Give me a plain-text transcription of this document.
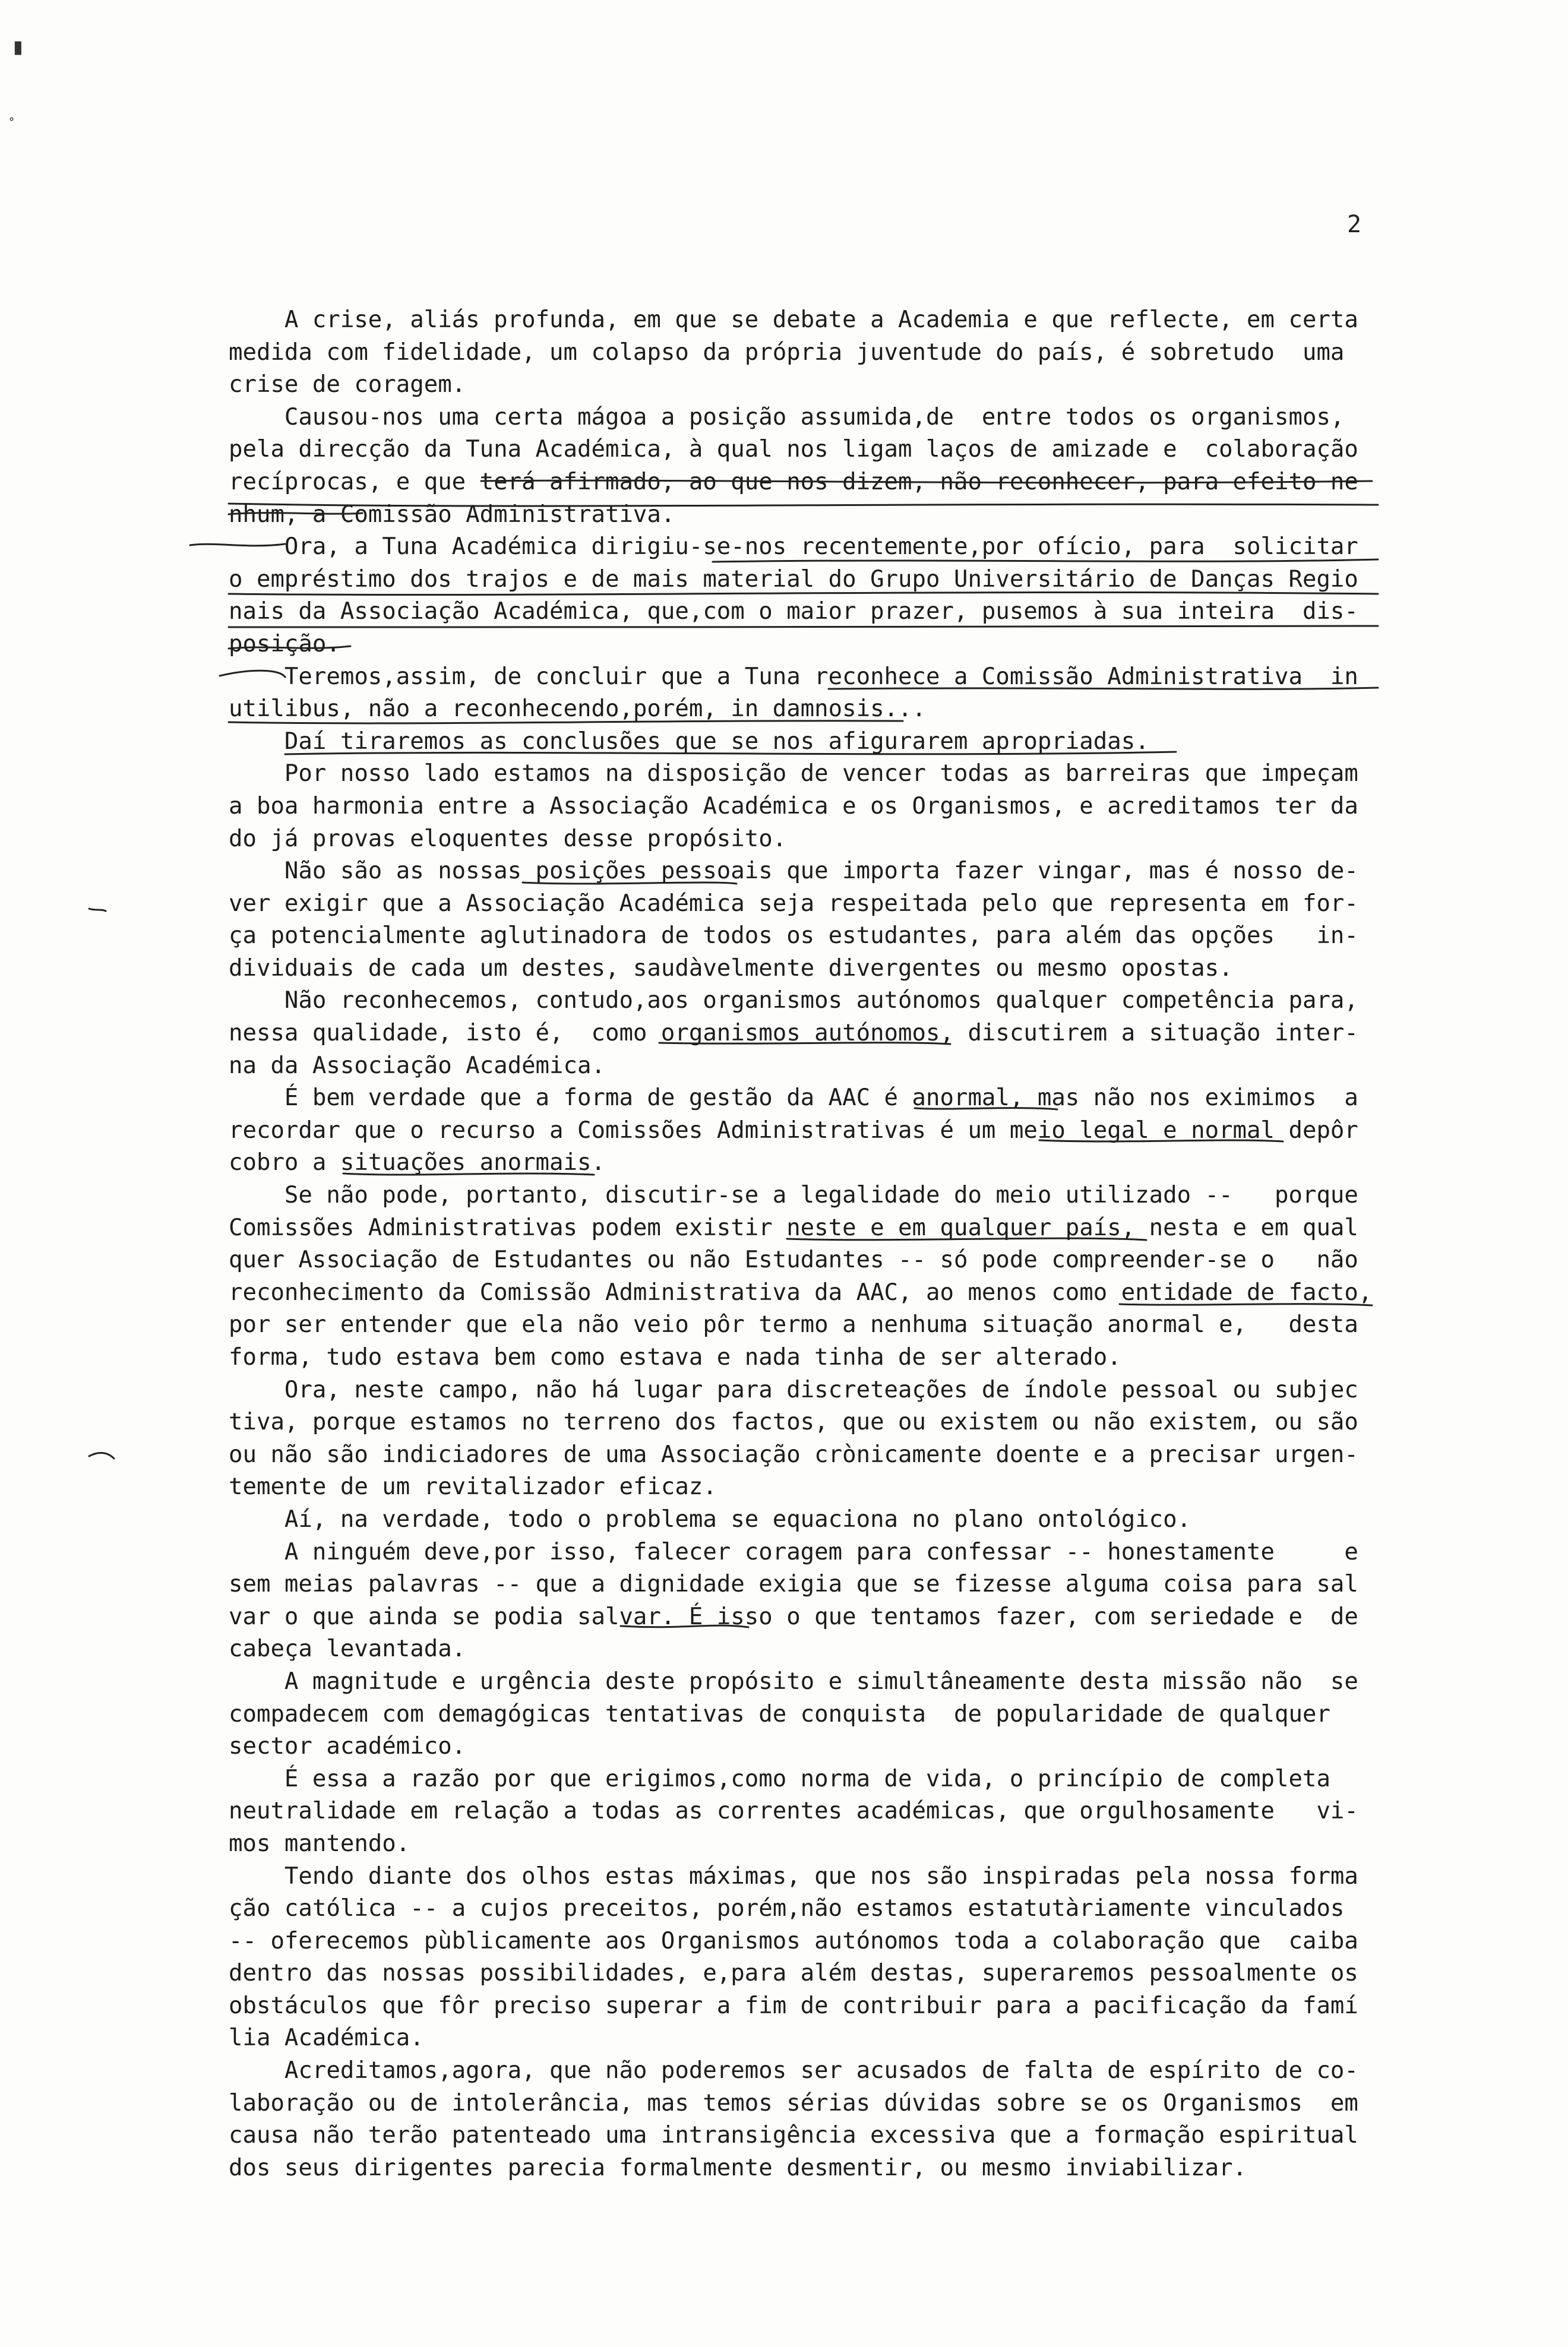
▮
˚
2
A crise, aliás profunda, em que se debate a Academia e que reflecte, em certa
medida com fidelidade, um colapso da própria juventude do país, é sobretudo  uma
crise de coragem.
Causou-nos uma certa mágoa a posição assumida,de  entre todos os organismos,
pela direcção da Tuna Académica, à qual nos ligam laços de amizade e  colaboração
recíprocas, e que terá afirmado, ao que nos dizem, não reconhecer, para efeito ne
nhum, a Comissão Administrativa.
Ora, a Tuna Académica dirigiu-se-nos recentemente,por ofício, para  solicitar
o empréstimo dos trajos e de mais material do Grupo Universitário de Danças Regio
nais da Associação Académica, que,com o maior prazer, pusemos à sua inteira  dis-
posição.
Teremos,assim, de concluir que a Tuna reconhece a Comissão Administrativa  in
utilibus, não a reconhecendo,porém, in damnosis...
Daí tiraremos as conclusões que se nos afigurarem apropriadas.
Por nosso lado estamos na disposição de vencer todas as barreiras que impeçam
a boa harmonia entre a Associação Académica e os Organismos, e acreditamos ter da
do já provas eloquentes desse propósito.
Não são as nossas posições pessoais que importa fazer vingar, mas é nosso de-
ver exigir que a Associação Académica seja respeitada pelo que representa em for-
ça potencialmente aglutinadora de todos os estudantes, para além das opções   in-
dividuais de cada um destes, saudàvelmente divergentes ou mesmo opostas.
Não reconhecemos, contudo,aos organismos autónomos qualquer competência para,
nessa qualidade, isto é,  como organismos autónomos, discutirem a situação inter-
na da Associação Académica.
É bem verdade que a forma de gestão da AAC é anormal, mas não nos eximimos  a
recordar que o recurso a Comissões Administrativas é um meio legal e normal depôr
cobro a situações anormais.
Se não pode, portanto, discutir-se a legalidade do meio utilizado --   porque
Comissões Administrativas podem existir neste e em qualquer país, nesta e em qual
quer Associação de Estudantes ou não Estudantes -- só pode compreender-se o   não
reconhecimento da Comissão Administrativa da AAC, ao menos como entidade de facto,
por ser entender que ela não veio pôr termo a nenhuma situação anormal e,   desta
forma, tudo estava bem como estava e nada tinha de ser alterado.
Ora, neste campo, não há lugar para discreteações de índole pessoal ou subjec
tiva, porque estamos no terreno dos factos, que ou existem ou não existem, ou são
ou não são indiciadores de uma Associação crònicamente doente e a precisar urgen-
temente de um revitalizador eficaz.
Aí, na verdade, todo o problema se equaciona no plano ontológico.
A ninguém deve,por isso, falecer coragem para confessar -- honestamente     e
sem meias palavras -- que a dignidade exigia que se fizesse alguma coisa para sal
var o que ainda se podia salvar. É isso o que tentamos fazer, com seriedade e  de
cabeça levantada.
A magnitude e urgência deste propósito e simultâneamente desta missão não  se
compadecem com demagógicas tentativas de conquista  de popularidade de qualquer
sector académico.
É essa a razão por que erigimos,como norma de vida, o princípio de completa
neutralidade em relação a todas as correntes académicas, que orgulhosamente   vi-
mos mantendo.
Tendo diante dos olhos estas máximas, que nos são inspiradas pela nossa forma
ção católica -- a cujos preceitos, porém,não estamos estatutàriamente vinculados
-- oferecemos pùblicamente aos Organismos autónomos toda a colaboração que  caiba
dentro das nossas possibilidades, e,para além destas, superaremos pessoalmente os
obstáculos que fôr preciso superar a fim de contribuir para a pacificação da famí
lia Académica.
Acreditamos,agora, que não poderemos ser acusados de falta de espírito de co-
laboração ou de intolerância, mas temos sérias dúvidas sobre se os Organismos  em
causa não terão patenteado uma intransigência excessiva que a formação espiritual
dos seus dirigentes parecia formalmente desmentir, ou mesmo inviabilizar.
